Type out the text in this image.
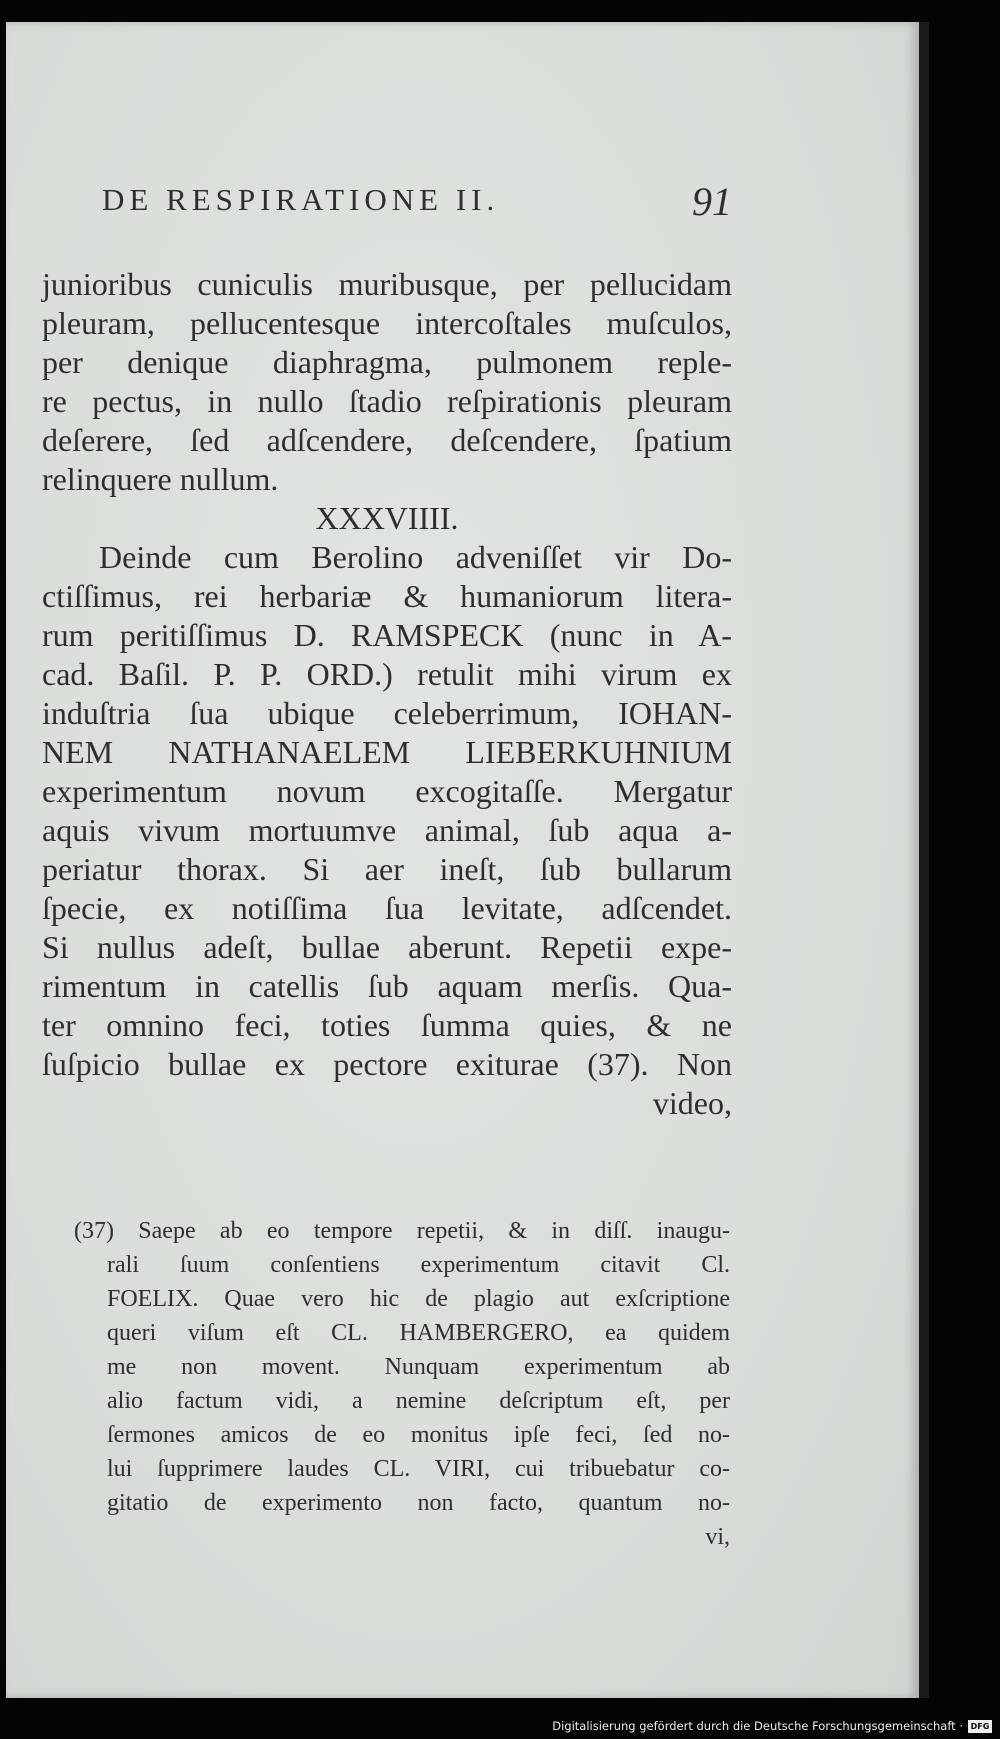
DE RESPIRATIONE II.	91
junioribus cuniculis muribusque, per pellucidam
pleuram, pellucentesque intercoſtales muſculos,
per denique diaphragma, pulmonem reple-
re pectus, in nullo ſtadio reſpirationis pleuram
deſerere, ſed adſcendere, deſcendere, ſpatium
relinquere nullum.
XXXVIIII.
Deinde cum Berolino adveniſſet vir Do-
ctiſſimus, rei herbariæ & humaniorum litera-
rum peritiſſimus D. RAMSPECK (nunc in A-
cad. Baſil. P. P. ORD.) retulit mihi virum ex
induſtria ſua ubique celeberrimum, IOHAN-
NEM NATHANAELEM LIEBERKUHNIUM
experimentum novum excogitaſſe. Mergatur
aquis vivum mortuumve animal, ſub aqua a-
periatur thorax. Si aer ineſt, ſub bullarum
ſpecie, ex notiſſima ſua levitate, adſcendet.
Si nullus adeſt, bullae aberunt. Repetii expe-
rimentum in catellis ſub aquam merſis. Qua-
ter omnino feci, toties ſumma quies, & ne
ſuſpicio bullae ex pectore exiturae (37). Non
video,
(37) Saepe ab eo tempore repetii, & in diſſ. inaugu-
rali ſuum conſentiens experimentum citavit Cl.
FOELIX. Quae vero hic de plagio aut exſcriptione
queri viſum eſt CL. HAMBERGERO, ea quidem
me non movent. Nunquam experimentum ab
alio factum vidi, a nemine deſcriptum eſt, per
ſermones amicos de eo monitus ipſe feci, ſed no-
lui ſupprimere laudes CL. VIRI, cui tribuebatur co-
gitatio de experimento non facto, quantum no-
vi,
Digitalisierung gefördert durch die Deutsche Forschungsgemeinschaft · DFG
